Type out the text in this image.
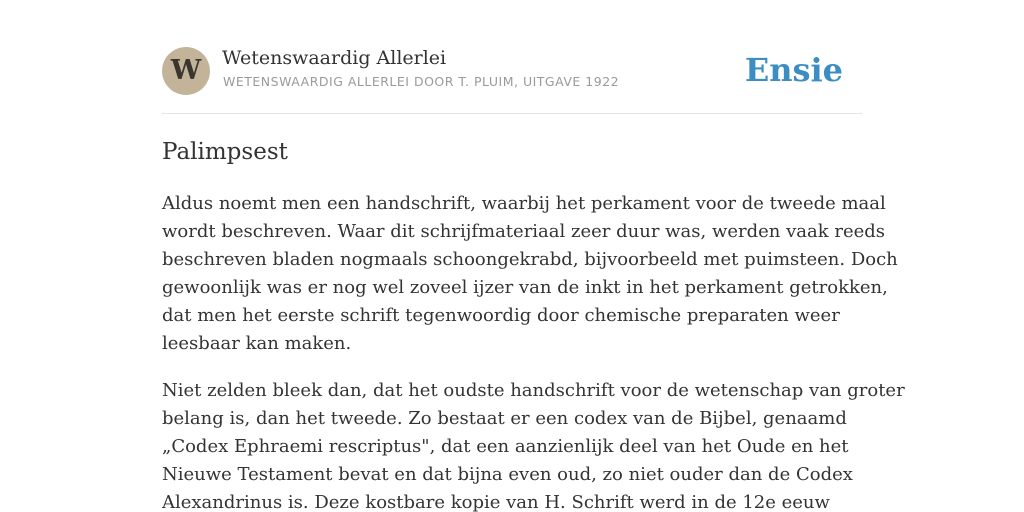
W	Wetenswaardig Allerlei
WETENSWAARDIG ALLERLEI DOOR T. PLUIM, UITGAVE 1922	Ensie
Palimpsest

Aldus noemt men een handschrift, waarbij het perkament voor de tweede maal
wordt beschreven. Waar dit schrijfmateriaal zeer duur was, werden vaak reeds
beschreven bladen nogmaals schoongekrabd, bijvoorbeeld met puimsteen. Doch
gewoonlijk was er nog wel zoveel ijzer van de inkt in het perkament getrokken,
dat men het eerste schrift tegenwoordig door chemische preparaten weer
leesbaar kan maken.

Niet zelden bleek dan, dat het oudste handschrift voor de wetenschap van groter
belang is, dan het tweede. Zo bestaat er een codex van de Bijbel, genaamd
„Codex Ephraemi rescriptus", dat een aanzienlijk deel van het Oude en het
Nieuwe Testament bevat en dat bijna even oud, zo niet ouder dan de Codex
Alexandrinus is. Deze kostbare kopie van H. Schrift werd in de 12e eeuw
